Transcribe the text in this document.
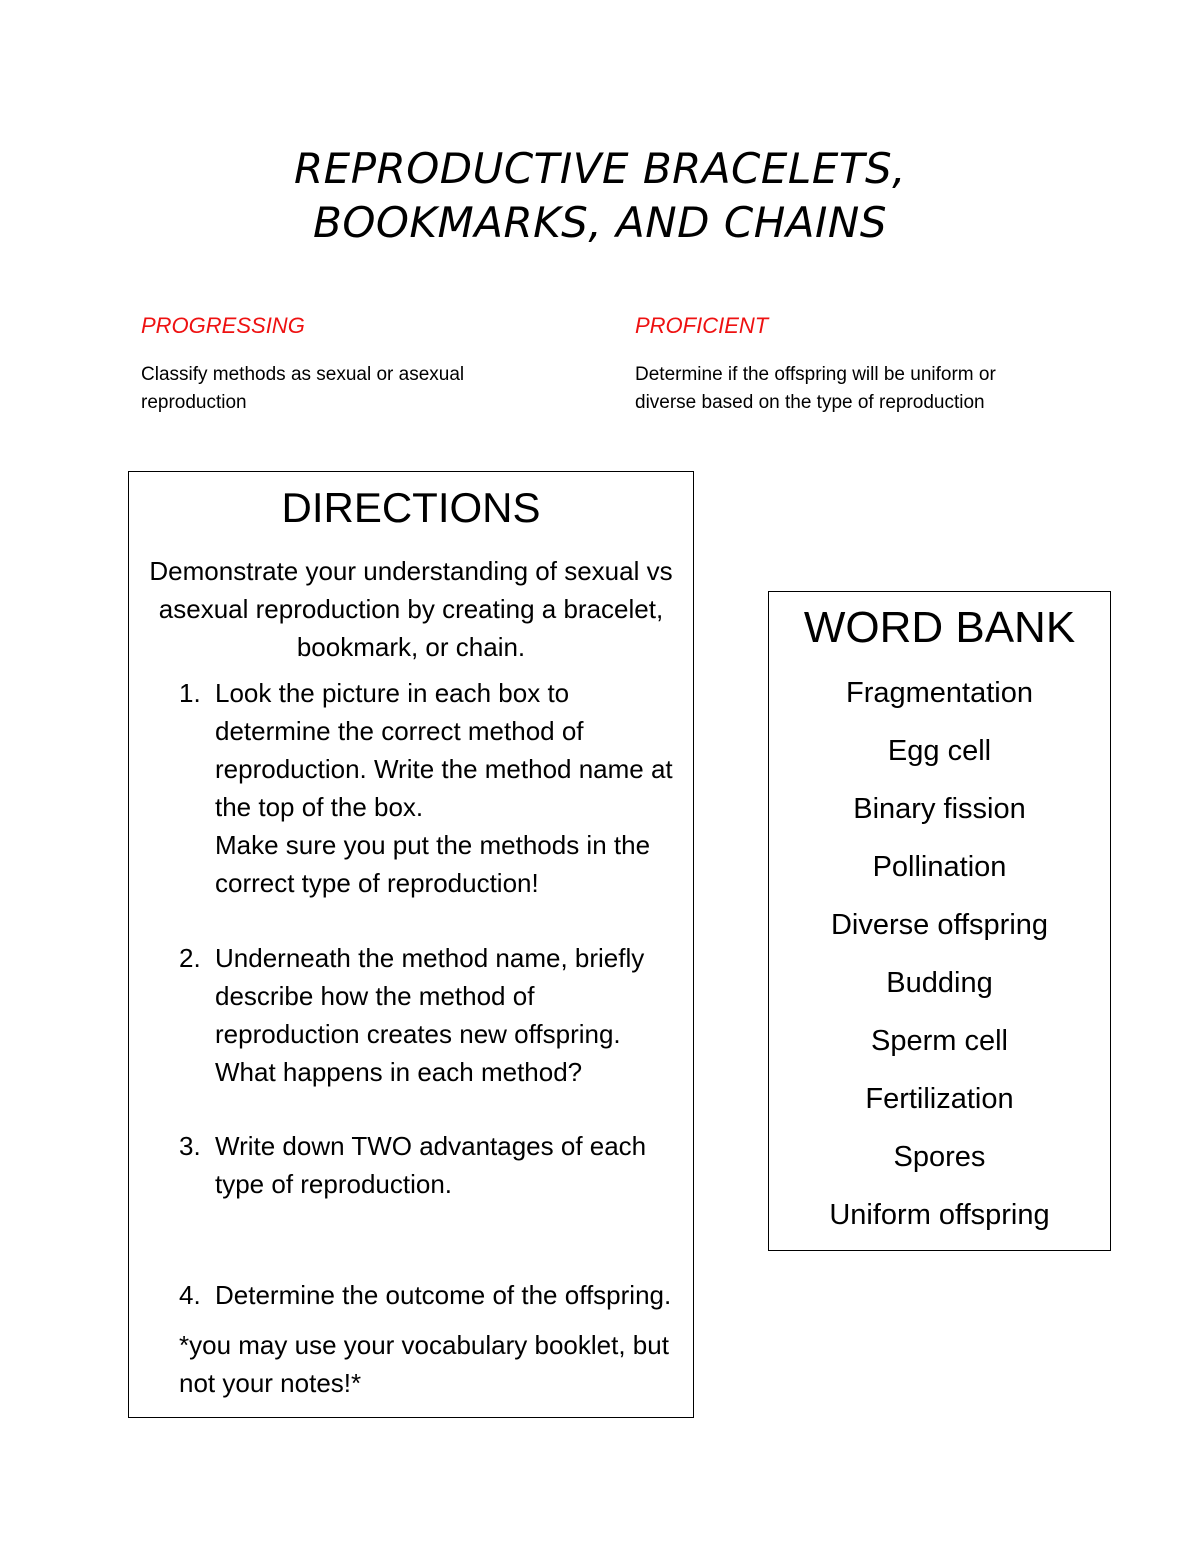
REPRODUCTIVE BRACELETS,
BOOKMARKS, AND CHAINS

PROGRESSING

Classify methods as sexual or asexual reproduction

PROFICIENT

Determine if the offspring will be uniform or diverse based on the type of reproduction

DIRECTIONS

Demonstrate your understanding of sexual vs asexual reproduction by creating a bracelet, bookmark, or chain.

1. Look the picture in each box to determine the correct method of reproduction. Write the method name at the top of the box.
Make sure you put the methods in the correct type of reproduction!
2. Underneath the method name, briefly describe how the method of reproduction creates new offspring. What happens in each method?
3. Write down TWO advantages of each type of reproduction.
4. Determine the outcome of the offspring.

*you may use your vocabulary booklet, but not your notes!*

WORD BANK
Fragmentation
Egg cell
Binary fission
Pollination
Diverse offspring
Budding
Sperm cell
Fertilization
Spores
Uniform offspring
